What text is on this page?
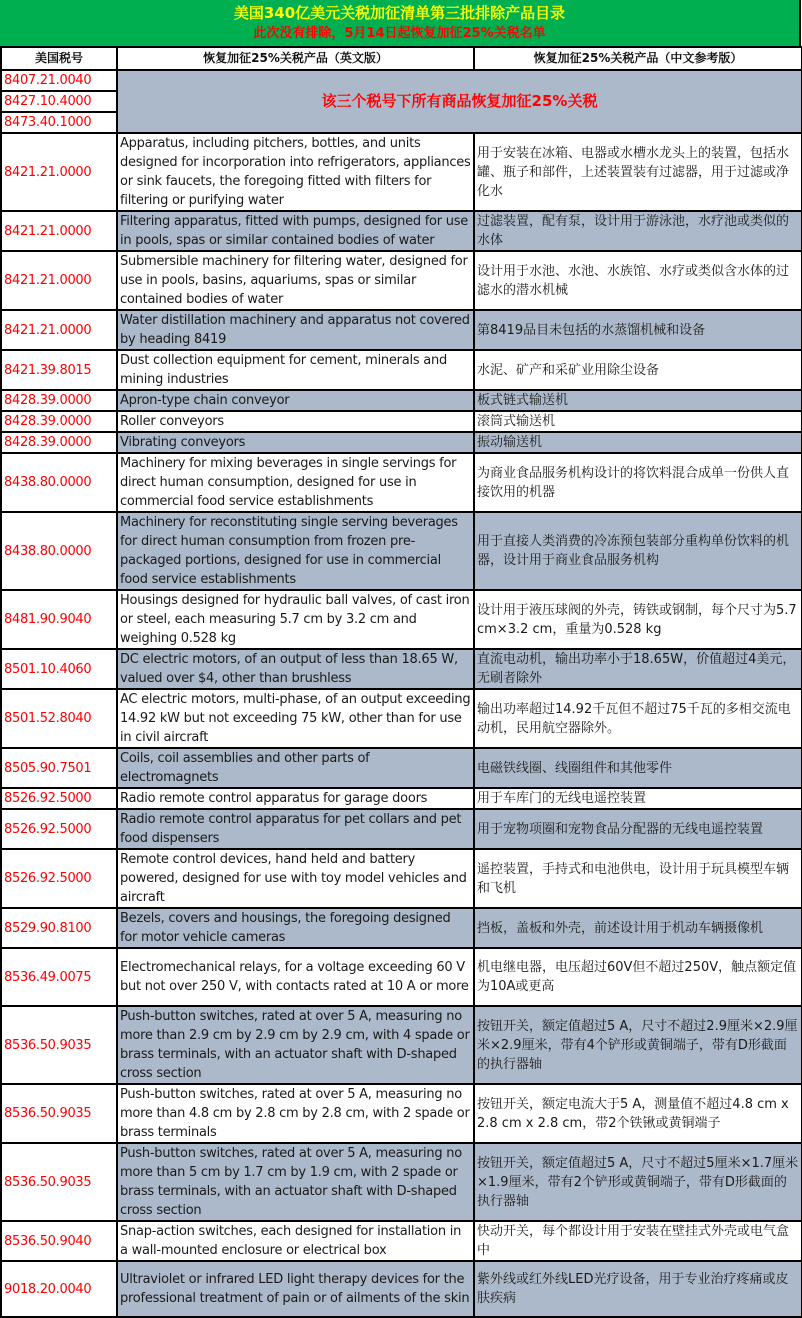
美国340亿美元关税加征清单第三批排除产品目录
此次没有排除，5月14日起恢复加征25%关税名单
美国税号	恢复加征25%关税产品（英文版）	恢复加征25%关税产品（中文参考版）
8407.21.0040	该三个税号下所有商品恢复加征25%关税	
8427.10.4000		
8473.40.1000		
8421.21.0000	Apparatus, including pitchers, bottles, and units designed for incorporation into refrigerators, appliances or sink faucets, the foregoing fitted with filters for filtering or purifying water	用于安装在冰箱、电器或水槽水龙头上的装置，包括水罐、瓶子和部件，上述装置装有过滤器，用于过滤或净化水
8421.21.0000	Filtering apparatus, fitted with pumps, designed for use in pools, spas or similar contained bodies of water	过滤装置，配有泵，设计用于游泳池，水疗池或类似的水体
8421.21.0000	Submersible machinery for filtering water, designed for use in pools, basins, aquariums, spas or similar contained bodies of water	设计用于水池、水池、水族馆、水疗或类似含水体的过滤水的潜水机械
8421.21.0000	Water distillation machinery and apparatus not covered by heading 8419	第8419品目未包括的水蒸馏机械和设备
8421.39.8015	Dust collection equipment for cement, minerals and mining industries	水泥、矿产和采矿业用除尘设备
8428.39.0000	Apron-type chain conveyor	板式链式输送机
8428.39.0000	Roller conveyors	滚筒式输送机
8428.39.0000	Vibrating conveyors	振动输送机
8438.80.0000	Machinery for mixing beverages in single servings for direct human consumption, designed for use in commercial food service establishments	为商业食品服务机构设计的将饮料混合成单一份供人直接饮用的机器
8438.80.0000	Machinery for reconstituting single serving beverages for direct human consumption from frozen pre-packaged portions, designed for use in commercial food service establishments	用于直接人类消费的冷冻预包装部分重构单份饮料的机器，设计用于商业食品服务机构
8481.90.9040	Housings designed for hydraulic ball valves, of cast iron or steel, each measuring 5.7 cm by 3.2 cm and weighing 0.528 kg	设计用于液压球阀的外壳，铸铁或钢制，每个尺寸为5.7 cm×3.2 cm，重量为0.528 kg
8501.10.4060	DC electric motors, of an output of less than 18.65 W, valued over $4, other than brushless	直流电动机，输出功率小于18.65W，价值超过4美元，无刷者除外
8501.52.8040	AC electric motors, multi-phase, of an output exceeding 14.92 kW but not exceeding 75 kW, other than for use in civil aircraft	输出功率超过14.92千瓦但不超过75千瓦的多相交流电动机，民用航空器除外。
8505.90.7501	Coils, coil assemblies and other parts of electromagnets	电磁铁线圈、线圈组件和其他零件
8526.92.5000	Radio remote control apparatus for garage doors	用于车库门的无线电遥控装置
8526.92.5000	Radio remote control apparatus for pet collars and pet food dispensers	用于宠物项圈和宠物食品分配器的无线电遥控装置
8526.92.5000	Remote control devices, hand held and battery powered, designed for use with toy model vehicles and aircraft	遥控装置，手持式和电池供电，设计用于玩具模型车辆和飞机
8529.90.8100	Bezels, covers and housings, the foregoing designed for motor vehicle cameras	挡板，盖板和外壳，前述设计用于机动车辆摄像机
8536.49.0075	Electromechanical relays, for a voltage exceeding 60 V but not over 250 V, with contacts rated at 10 A or more	机电继电器，电压超过60V但不超过250V，触点额定值为10A或更高
8536.50.9035	Push-button switches, rated at over 5 A, measuring no more than 2.9 cm by 2.9 cm by 2.9 cm, with 4 spade or brass terminals, with an actuator shaft with D-shaped cross section	按钮开关，额定值超过5 A，尺寸不超过2.9厘米×2.9厘米×2.9厘米，带有4个铲形或黄铜端子，带有D形截面的执行器轴
8536.50.9035	Push-button switches, rated at over 5 A, measuring no more than 4.8 cm by 2.8 cm by 2.8 cm, with 2 spade or brass terminals	按钮开关，额定电流大于5 A，测量值不超过4.8 cm x 2.8 cm x 2.8 cm，带2个铁锹或黄铜端子
8536.50.9035	Push-button switches, rated at over 5 A, measuring no more than 5 cm by 1.7 cm by 1.9 cm, with 2 spade or brass terminals, with an actuator shaft with D-shaped cross section	按钮开关，额定值超过5 A，尺寸不超过5厘米×1.7厘米×1.9厘米，带有2个铲形或黄铜端子，带有D形截面的执行器轴
8536.50.9040	Snap-action switches, each designed for installation in a wall-mounted enclosure or electrical box	快动开关，每个都设计用于安装在壁挂式外壳或电气盒中
9018.20.0040	Ultraviolet or infrared LED light therapy devices for the professional treatment of pain or of ailments of the skin	紫外线或红外线LED光疗设备，用于专业治疗疼痛或皮肤疾病
